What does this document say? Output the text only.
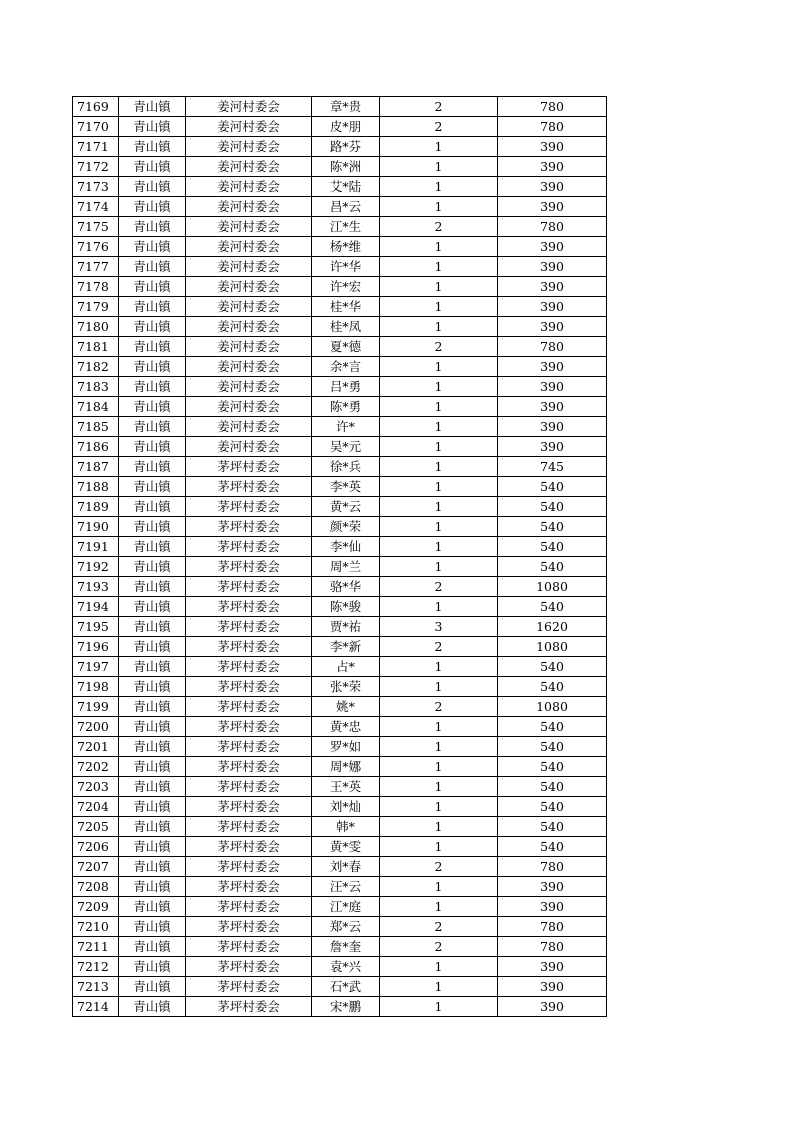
7169	青山镇	姜河村委会	章*贵	2	780
7170	青山镇	姜河村委会	皮*朋	2	780
7171	青山镇	姜河村委会	路*芬	1	390
7172	青山镇	姜河村委会	陈*洲	1	390
7173	青山镇	姜河村委会	艾*陆	1	390
7174	青山镇	姜河村委会	昌*云	1	390
7175	青山镇	姜河村委会	江*生	2	780
7176	青山镇	姜河村委会	杨*维	1	390
7177	青山镇	姜河村委会	许*华	1	390
7178	青山镇	姜河村委会	许*宏	1	390
7179	青山镇	姜河村委会	桂*华	1	390
7180	青山镇	姜河村委会	桂*凤	1	390
7181	青山镇	姜河村委会	夏*德	2	780
7182	青山镇	姜河村委会	余*言	1	390
7183	青山镇	姜河村委会	吕*勇	1	390
7184	青山镇	姜河村委会	陈*勇	1	390
7185	青山镇	姜河村委会	许*	1	390
7186	青山镇	姜河村委会	吴*元	1	390
7187	青山镇	茅坪村委会	徐*兵	1	745
7188	青山镇	茅坪村委会	李*英	1	540
7189	青山镇	茅坪村委会	黄*云	1	540
7190	青山镇	茅坪村委会	颜*荣	1	540
7191	青山镇	茅坪村委会	李*仙	1	540
7192	青山镇	茅坪村委会	周*兰	1	540
7193	青山镇	茅坪村委会	骆*华	2	1080
7194	青山镇	茅坪村委会	陈*骏	1	540
7195	青山镇	茅坪村委会	贾*祐	3	1620
7196	青山镇	茅坪村委会	李*新	2	1080
7197	青山镇	茅坪村委会	占*	1	540
7198	青山镇	茅坪村委会	张*荣	1	540
7199	青山镇	茅坪村委会	姚*	2	1080
7200	青山镇	茅坪村委会	黄*忠	1	540
7201	青山镇	茅坪村委会	罗*如	1	540
7202	青山镇	茅坪村委会	周*娜	1	540
7203	青山镇	茅坪村委会	王*英	1	540
7204	青山镇	茅坪村委会	刘*灿	1	540
7205	青山镇	茅坪村委会	韩*	1	540
7206	青山镇	茅坪村委会	黄*雯	1	540
7207	青山镇	茅坪村委会	刘*春	2	780
7208	青山镇	茅坪村委会	汪*云	1	390
7209	青山镇	茅坪村委会	江*庭	1	390
7210	青山镇	茅坪村委会	郑*云	2	780
7211	青山镇	茅坪村委会	詹*奎	2	780
7212	青山镇	茅坪村委会	袁*兴	1	390
7213	青山镇	茅坪村委会	石*武	1	390
7214	青山镇	茅坪村委会	宋*鹏	1	390
